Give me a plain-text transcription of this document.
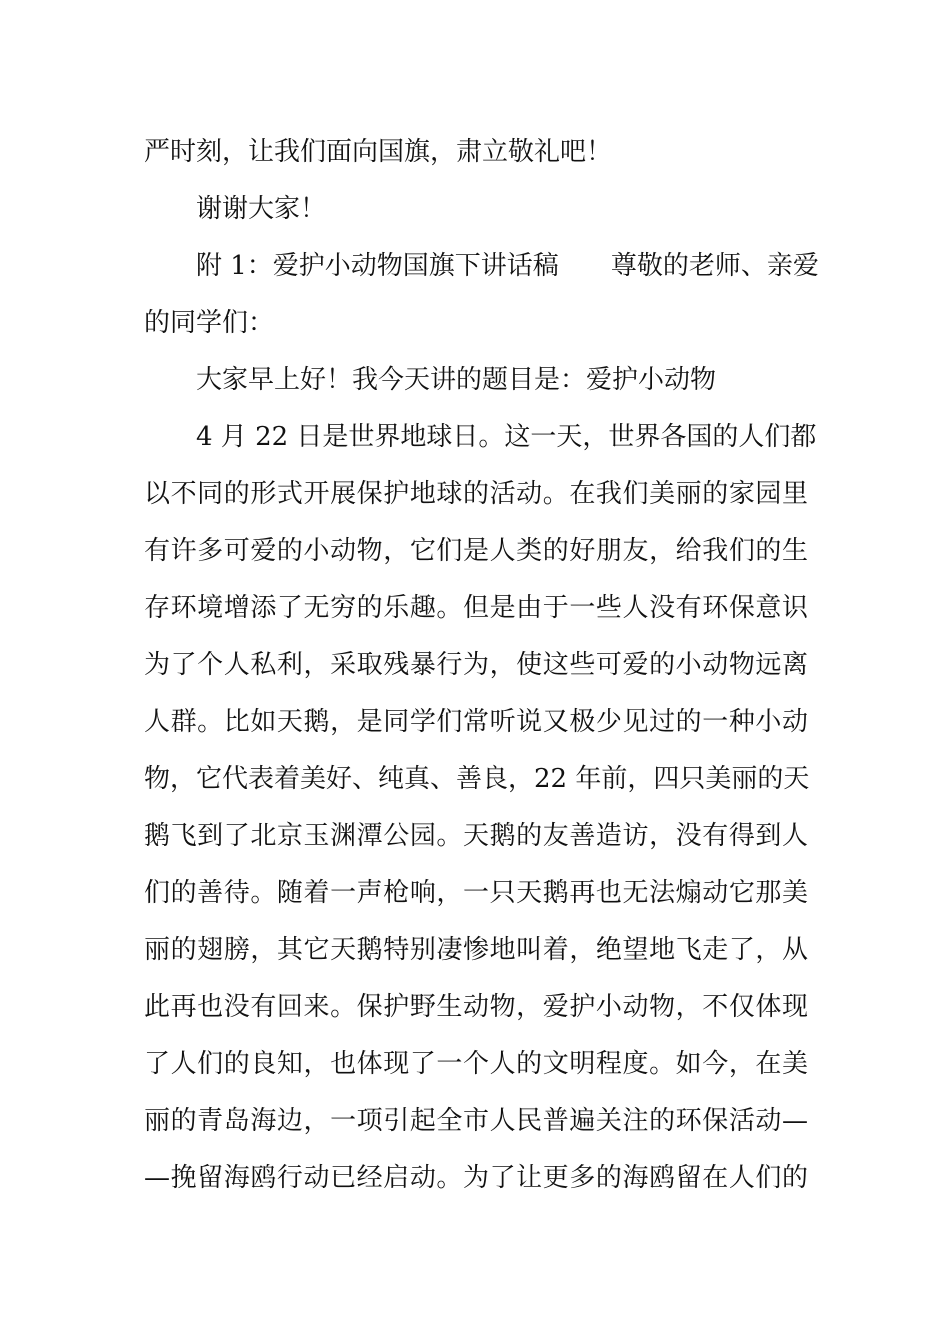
严时刻，让我们面向国旗，肃立敬礼吧！
谢谢大家！
附 1：爱护小动物国旗下讲话稿 尊敬的老师、亲爱
的同学们：
大家早上好！我今天讲的题目是：爱护小动物
4 月 22 日是世界地球日。这一天，世界各国的人们都
以不同的形式开展保护地球的活动。在我们美丽的家园里
有许多可爱的小动物，它们是人类的好朋友，给我们的生
存环境增添了无穷的乐趣。但是由于一些人没有环保意识
为了个人私利，采取残暴行为，使这些可爱的小动物远离
人群。比如天鹅，是同学们常听说又极少见过的一种小动
物，它代表着美好、纯真、善良，22 年前，四只美丽的天
鹅飞到了北京玉渊潭公园。天鹅的友善造访，没有得到人
们的善待。随着一声枪响，一只天鹅再也无法煽动它那美
丽的翅膀，其它天鹅特别凄惨地叫着，绝望地飞走了，从
此再也没有回来。保护野生动物，爱护小动物，不仅体现
了人们的良知，也体现了一个人的文明程度。如今，在美
丽的青岛海边，一项引起全市人民普遍关注的环保活动—
—挽留海鸥行动已经启动。为了让更多的海鸥留在人们的
